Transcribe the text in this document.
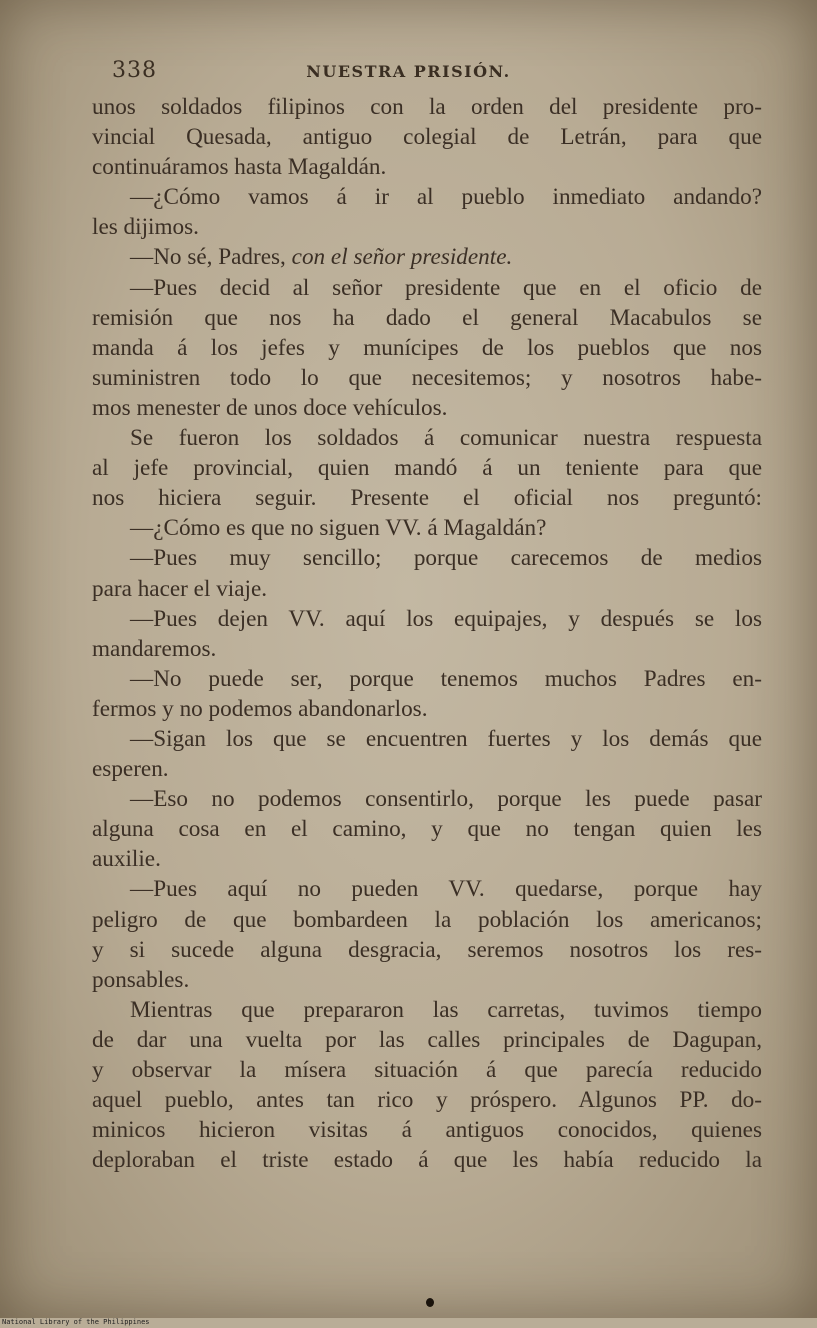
338	NUESTRA PRISIÓN.
unos soldados filipinos con la orden del presidente pro-
vincial Quesada, antiguo colegial de Letrán, para que
continuáramos hasta Magaldán.
—¿Cómo vamos á ir al pueblo inmediato andando?
les dijimos.
—No sé, Padres, con el señor presidente.
—Pues decid al señor presidente que en el oficio de
remisión que nos ha dado el general Macabulos se
manda á los jefes y munícipes de los pueblos que nos
suministren todo lo que necesitemos; y nosotros habe-
mos menester de unos doce vehículos.
Se fueron los soldados á comunicar nuestra respuesta
al jefe provincial, quien mandó á un teniente para que
nos hiciera seguir. Presente el oficial nos preguntó:
—¿Cómo es que no siguen VV. á Magaldán?
—Pues muy sencillo; porque carecemos de medios
para hacer el viaje.
—Pues dejen VV. aquí los equipajes, y después se los
mandaremos.
—No puede ser, porque tenemos muchos Padres en-
fermos y no podemos abandonarlos.
—Sigan los que se encuentren fuertes y los demás que
esperen.
—Eso no podemos consentirlo, porque les puede pasar
alguna cosa en el camino, y que no tengan quien les
auxilie.
—Pues aquí no pueden VV. quedarse, porque hay
peligro de que bombardeen la población los americanos;
y si sucede alguna desgracia, seremos nosotros los res-
ponsables.
Mientras que prepararon las carretas, tuvimos tiempo
de dar una vuelta por las calles principales de Dagupan,
y observar la mísera situación á que parecía reducido
aquel pueblo, antes tan rico y próspero. Algunos PP. do-
minicos hicieron visitas á antiguos conocidos, quienes
deploraban el triste estado á que les había reducido la
National Library of the Philippines
